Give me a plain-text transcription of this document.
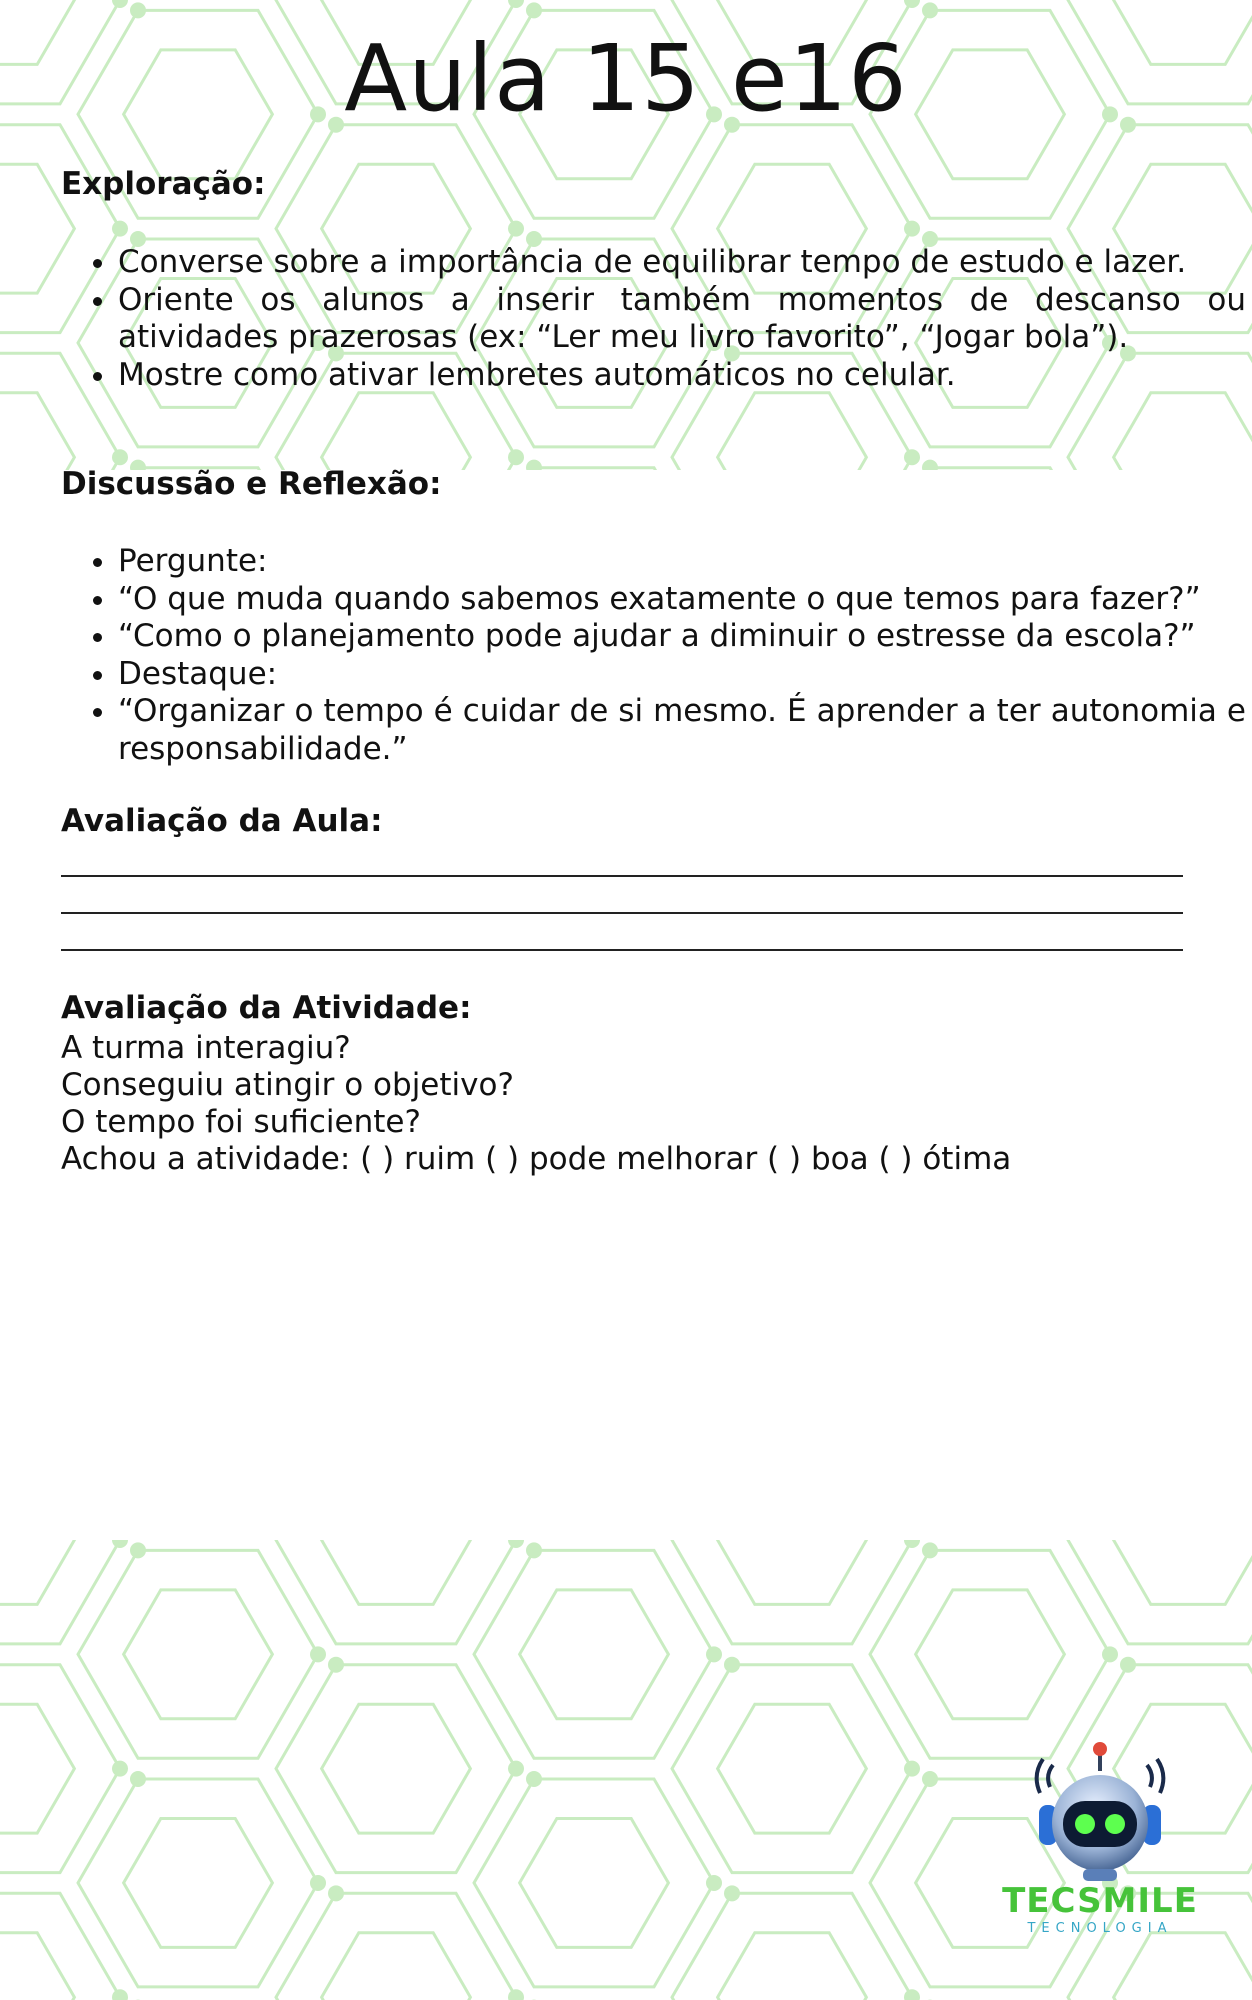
Aula 15 e16
Exploração:
• Converse sobre a importância de equilibrar tempo de estudo e lazer.
• Oriente os alunos a inserir também momentos de descanso ou atividades prazerosas (ex: “Ler meu livro favorito”, “Jogar bola”).
• Mostre como ativar lembretes automáticos no celular.
Discussão e Reflexão:
• Pergunte:
• “O que muda quando sabemos exatamente o que temos para fazer?”
• “Como o planejamento pode ajudar a diminuir o estresse da escola?”
• Destaque:
• “Organizar o tempo é cuidar de si mesmo. É aprender a ter autonomia e responsabilidade.”
Avaliação da Aula:
Avaliação da Atividade:

A turma interagiu?

Conseguiu atingir o objetivo?

O tempo foi suficiente?

Achou a atividade: ( ) ruim ( ) pode melhorar ( ) boa ( ) ótima

TECSMILE
TECNOLOGIA
